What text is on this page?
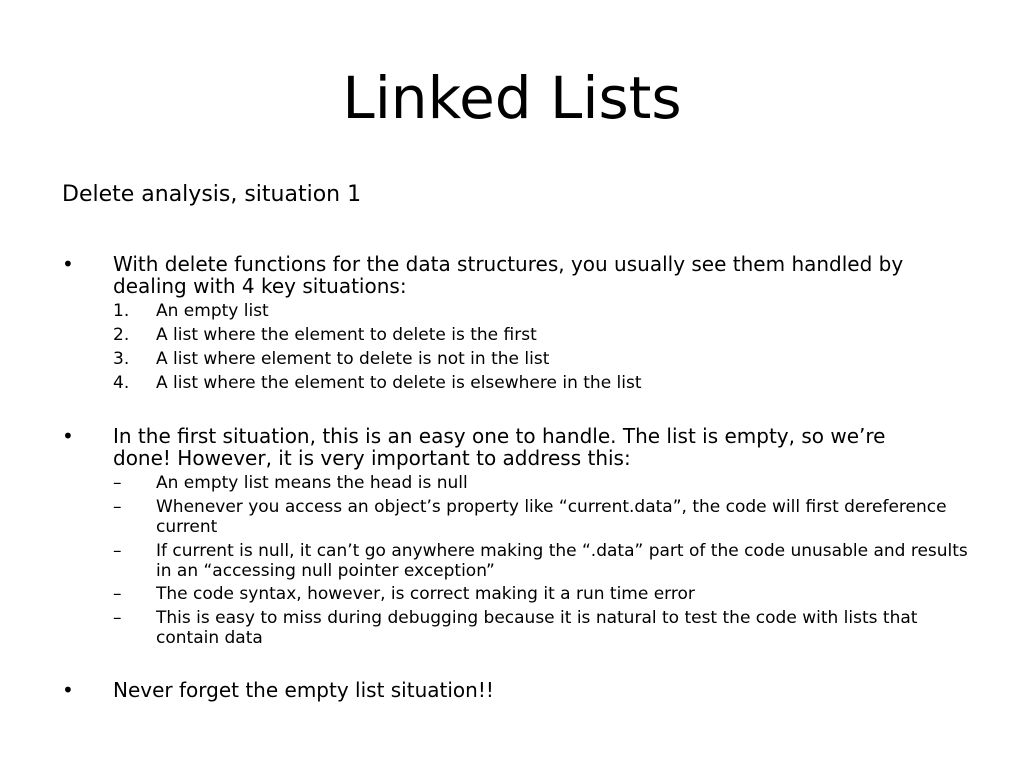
Linked Lists

Delete analysis, situation 1

• With delete functions for the data structures, you usually see them handled by dealing with 4 key situations:

1. An empty list
2. A list where the element to delete is the first
3. A list where element to delete is not in the list
4. A list where the element to delete is elsewhere in the list
• In the first situation, this is an easy one to handle. The list is empty, so we’re done! However, it is very important to address this:

– An empty list means the head is null
– Whenever you access an object’s property like “current.data”, the code will first dereference current
– If current is null, it can’t go anywhere making the “.data” part of the code unusable and results in an “accessing null pointer exception”
– The code syntax, however, is correct making it a run time error
– This is easy to miss during debugging because it is natural to test the code with lists that contain data
• Never forget the empty list situation!!
